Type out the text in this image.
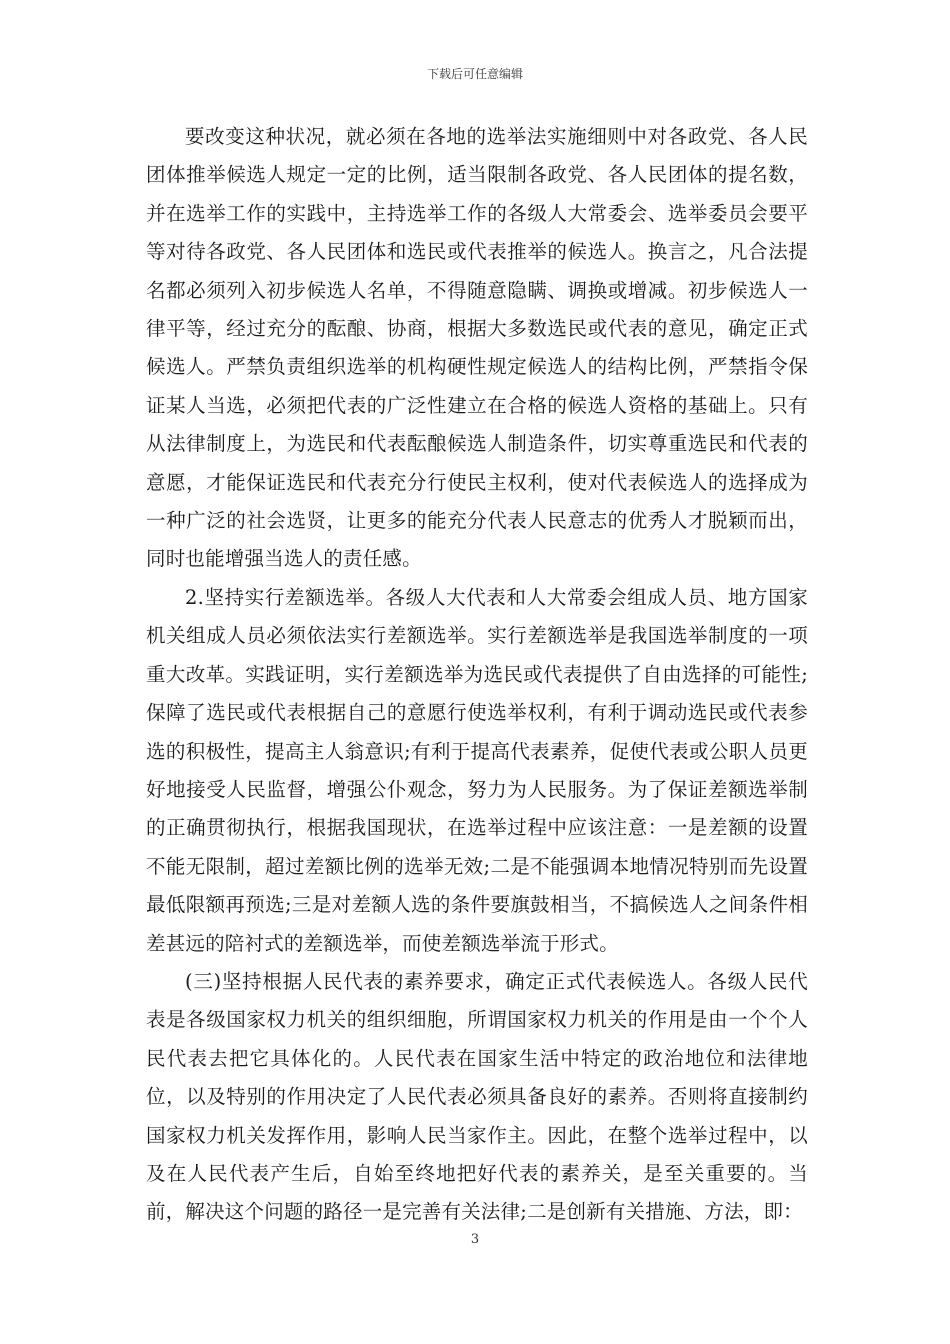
下载后可任意编辑

要改变这种状况，就必须在各地的选举法实施细则中对各政党、各人民团体推举候选人规定一定的比例，适当限制各政党、各人民团体的提名数，并在选举工作的实践中，主持选举工作的各级人大常委会、选举委员会要平等对待各政党、各人民团体和选民或代表推举的候选人。换言之，凡合法提名都必须列入初步候选人名单，不得随意隐瞒、调换或增减。初步候选人一律平等，经过充分的酝酿、协商，根据大多数选民或代表的意见，确定正式候选人。严禁负责组织选举的机构硬性规定候选人的结构比例，严禁指令保证某人当选，必须把代表的广泛性建立在合格的候选人资格的基础上。只有从法律制度上，为选民和代表酝酿候选人制造条件，切实尊重选民和代表的意愿，才能保证选民和代表充分行使民主权利，使对代表候选人的选择成为一种广泛的社会选贤，让更多的能充分代表人民意志的优秀人才脱颖而出，同时也能增强当选人的责任感。

2.坚持实行差额选举。各级人大代表和人大常委会组成人员、地方国家机关组成人员必须依法实行差额选举。实行差额选举是我国选举制度的一项重大改革。实践证明，实行差额选举为选民或代表提供了自由选择的可能性;保障了选民或代表根据自己的意愿行使选举权利，有利于调动选民或代表参选的积极性，提高主人翁意识;有利于提高代表素养，促使代表或公职人员更好地接受人民监督，增强公仆观念，努力为人民服务。为了保证差额选举制的正确贯彻执行，根据我国现状，在选举过程中应该注意：一是差额的设置不能无限制，超过差额比例的选举无效;二是不能强调本地情况特别而先设置最低限额再预选;三是对差额人选的条件要旗鼓相当，不搞候选人之间条件相差甚远的陪衬式的差额选举，而使差额选举流于形式。

(三)坚持根据人民代表的素养要求，确定正式代表候选人。各级人民代表是各级国家权力机关的组织细胞，所谓国家权力机关的作用是由一个个人民代表去把它具体化的。人民代表在国家生活中特定的政治地位和法律地位，以及特别的作用决定了人民代表必须具备良好的素养。否则将直接制约国家权力机关发挥作用，影响人民当家作主。因此，在整个选举过程中，以及在人民代表产生后，自始至终地把好代表的素养关，是至关重要的。当前，解决这个问题的路径一是完善有关法律;二是创新有关措施、方法，即：

3
